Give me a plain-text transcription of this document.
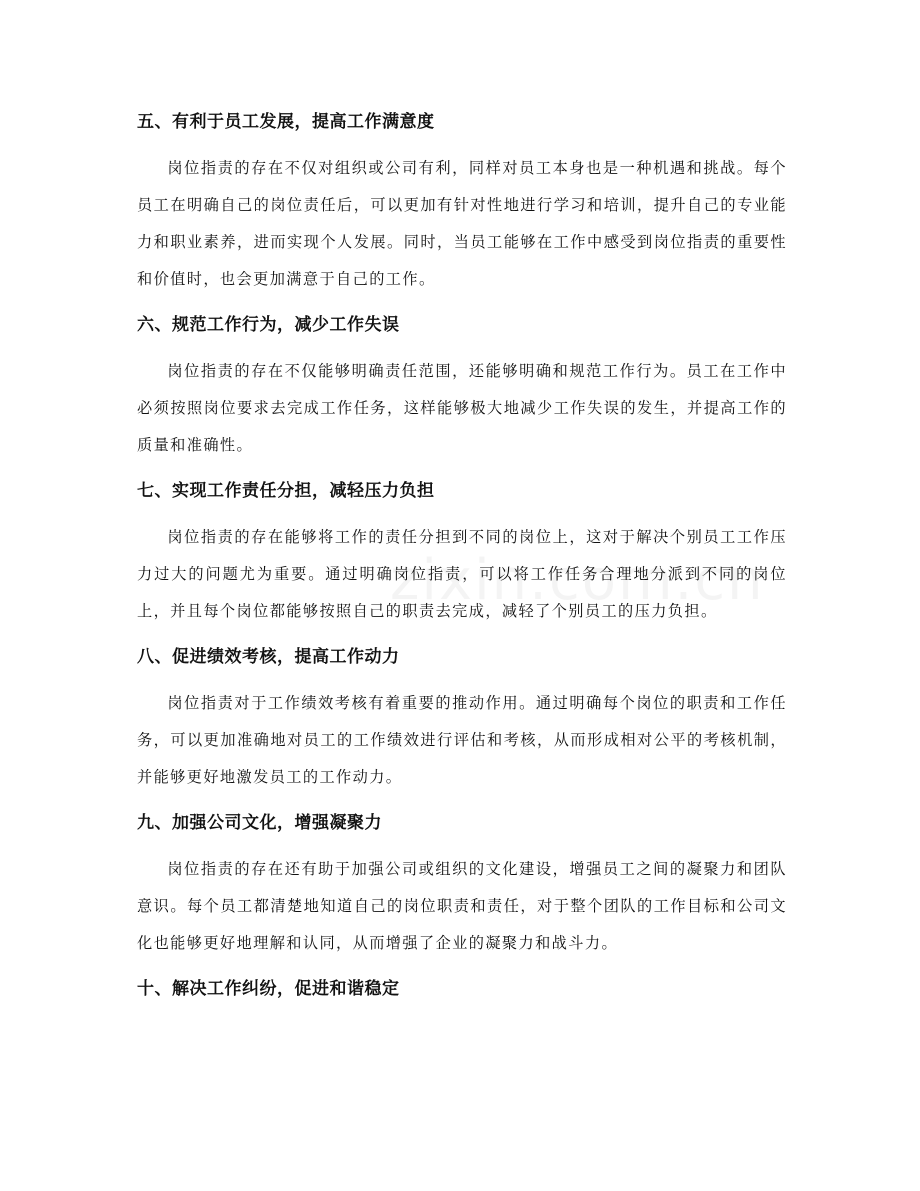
五、有利于员工发展，提高工作满意度

岗位指责的存在不仅对组织或公司有利，同样对员工本身也是一种机遇和挑战。每个员工在明确自己的岗位责任后，可以更加有针对性地进行学习和培训，提升自己的专业能力和职业素养，进而实现个人发展。同时，当员工能够在工作中感受到岗位指责的重要性和价值时，也会更加满意于自己的工作。

六、规范工作行为，减少工作失误

岗位指责的存在不仅能够明确责任范围，还能够明确和规范工作行为。员工在工作中必须按照岗位要求去完成工作任务，这样能够极大地减少工作失误的发生，并提高工作的质量和准确性。

七、实现工作责任分担，减轻压力负担

岗位指责的存在能够将工作的责任分担到不同的岗位上，这对于解决个别员工工作压力过大的问题尤为重要。通过明确岗位指责，可以将工作任务合理地分派到不同的岗位上，并且每个岗位都能够按照自己的职责去完成，减轻了个别员工的压力负担。

八、促进绩效考核，提高工作动力

岗位指责对于工作绩效考核有着重要的推动作用。通过明确每个岗位的职责和工作任务，可以更加准确地对员工的工作绩效进行评估和考核，从而形成相对公平的考核机制，并能够更好地激发员工的工作动力。

九、加强公司文化，增强凝聚力

岗位指责的存在还有助于加强公司或组织的文化建设，增强员工之间的凝聚力和团队意识。每个员工都清楚地知道自己的岗位职责和责任，对于整个团队的工作目标和公司文化也能够更好地理解和认同，从而增强了企业的凝聚力和战斗力。

十、解决工作纠纷，促进和谐稳定
